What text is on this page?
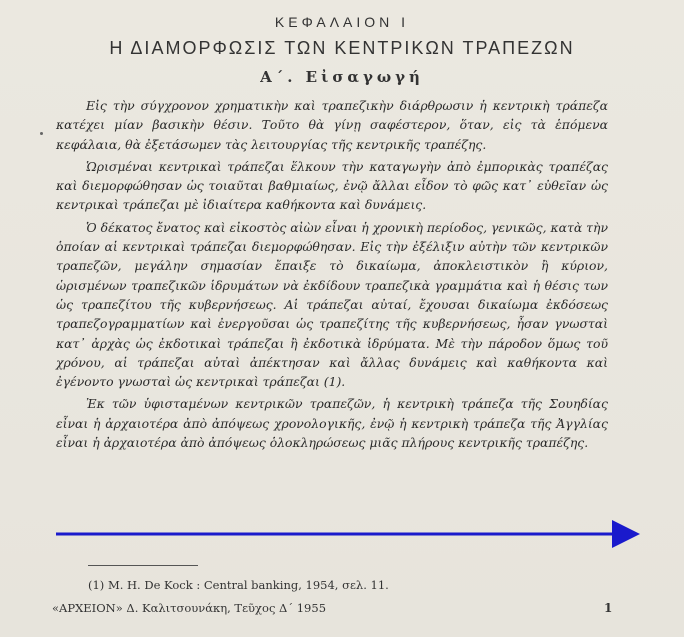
ΚΕΦΑΛΑΙΟΝ Ι
Η ΔΙΑΜΟΡΦΩΣΙΣ ΤΩΝ ΚΕΝΤΡΙΚΩΝ ΤΡΑΠΕΖΩΝ
Α΄. Εἰσαγωγή

Εἰς τὴν σύγχρονον χρηματικὴν καὶ τραπεζικὴν διάρθρωσιν ἡ κεντρικὴ τράπεζα κατέχει μίαν βασικὴν θέσιν. Τοῦτο θὰ γίνῃ σαφέστερον, ὅταν, εἰς τὰ ἑπόμενα κεφάλαια, θὰ ἐξετάσωμεν τὰς λειτουργίας τῆς κεντρικῆς τραπέζης.

Ὡρισμέναι κεντρικαὶ τράπεζαι ἕλκουν τὴν καταγωγὴν ἀπὸ ἐμπορικὰς τραπέζας καὶ διεμορφώθησαν ὡς τοιαῦται βαθμιαίως, ἐνῷ ἄλλαι εἶδον τὸ φῶς κατ᾽ εὐθεῖαν ὡς κεντρικαὶ τράπεζαι μὲ ἰδιαίτερα καθήκοντα καὶ δυνάμεις.

Ὁ δέκατος ἔνατος καὶ εἰκοστὸς αἰὼν εἶναι ἡ χρονικὴ περίοδος, γενικῶς, κατὰ τὴν ὁποίαν αἱ κεντρικαὶ τράπεζαι διεμορφώθησαν. Εἰς τὴν ἐξέλιξιν αὐτὴν τῶν κεντρικῶν τραπεζῶν, μεγάλην σημασίαν ἔπαιξε τὸ δικαίωμα, ἀποκλειστικὸν ἢ κύριον, ὡρισμένων τραπεζικῶν ἱδρυμάτων νὰ ἐκδίδουν τραπεζικὰ γραμμάτια καὶ ἡ θέσις των ὡς τραπεζίτου τῆς κυβερνήσεως. Αἱ τράπεζαι αὐταί, ἔχουσαι δικαίωμα ἐκδόσεως τραπεζογραμματίων καὶ ἐνεργοῦσαι ὡς τραπεζίτης τῆς κυβερνήσεως, ἦσαν γνωσταὶ κατ᾽ ἀρχὰς ὡς ἐκδοτικαὶ τράπεζαι ἢ ἐκδοτικὰ ἱδρύματα. Μὲ τὴν πάροδον ὅμως τοῦ χρόνου, αἱ τράπεζαι αὐταὶ ἀπέκτησαν καὶ ἄλλας δυνάμεις καὶ καθήκοντα καὶ ἐγένοντο γνωσταὶ ὡς κεντρικαὶ τράπεζαι (1).

Ἐκ τῶν ὑφισταμένων κεντρικῶν τραπεζῶν, ἡ κεντρικὴ τράπεζα τῆς Σουηδίας εἶναι ἡ ἀρχαιοτέρα ἀπὸ ἀπόψεως χρονολογικῆς, ἐνῷ ἡ κεντρικὴ τράπεζα τῆς Ἀγγλίας εἶναι ἡ ἀρχαιοτέρα ἀπὸ ἀπόψεως ὁλοκληρώσεως μιᾶς πλήρους κεντρικῆς τραπέζης.

(1) M. H. De Kock : Central banking, 1954, σελ. 11.
«ΑΡΧΕΙΟΝ» Δ. Καλιτσουνάκη, Τεῦχος Δ΄ 1955	1
